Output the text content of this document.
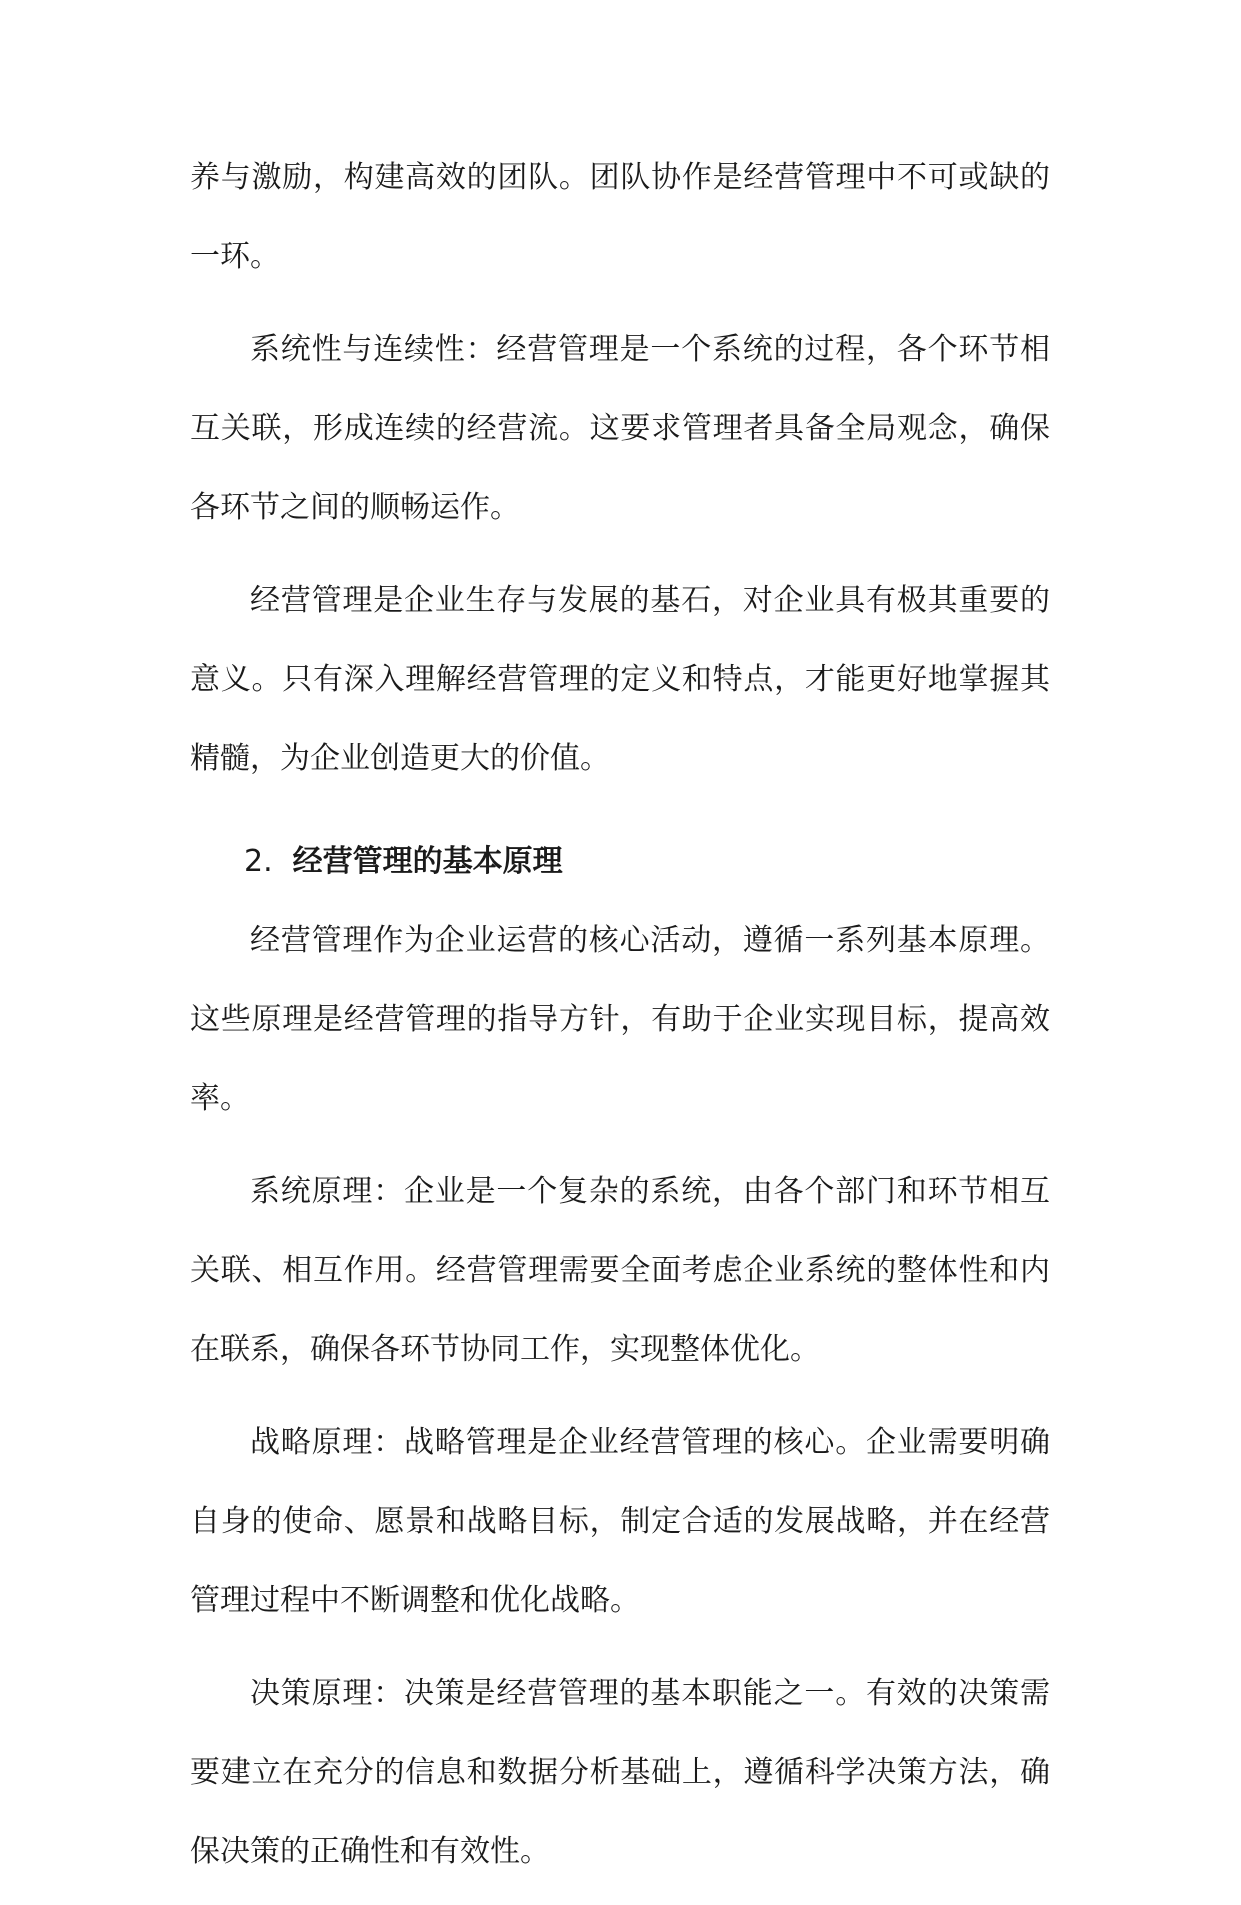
养与激励，构建高效的团队。团队协作是经营管理中不可或缺的一环。

系统性与连续性：经营管理是一个系统的过程，各个环节相互关联，形成连续的经营流。这要求管理者具备全局观念，确保各环节之间的顺畅运作。

经营管理是企业生存与发展的基石，对企业具有极其重要的意义。只有深入理解经营管理的定义和特点，才能更好地掌握其精髓，为企业创造更大的价值。

2. 经营管理的基本原理

经营管理作为企业运营的核心活动，遵循一系列基本原理。这些原理是经营管理的指导方针，有助于企业实现目标，提高效率。

系统原理：企业是一个复杂的系统，由各个部门和环节相互关联、相互作用。经营管理需要全面考虑企业系统的整体性和内在联系，确保各环节协同工作，实现整体优化。

战略原理：战略管理是企业经营管理的核心。企业需要明确自身的使命、愿景和战略目标，制定合适的发展战略，并在经营管理过程中不断调整和优化战略。

决策原理：决策是经营管理的基本职能之一。有效的决策需要建立在充分的信息和数据分析基础上，遵循科学决策方法，确保决策的正确性和有效性。
